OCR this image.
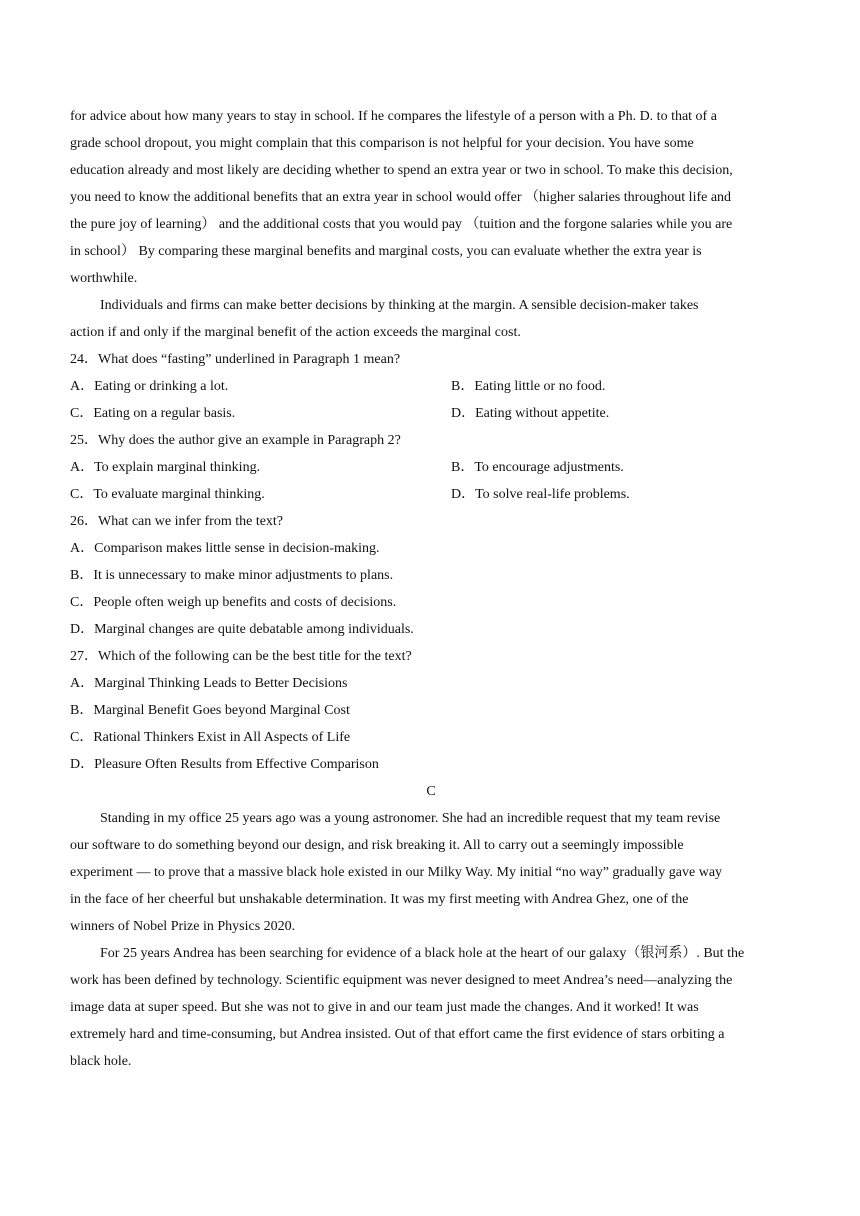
for advice about how many years to stay in school. If he compares the lifestyle of a person with a Ph. D. to that of a
grade school dropout, you might complain that this comparison is not helpful for your decision. You have some
education already and most likely are deciding whether to spend an extra year or two in school. To make this decision,
you need to know the additional benefits that an extra year in school would offer （higher salaries throughout life and
the pure joy of learning） and the additional costs that you would pay （tuition and the forgone salaries while you are
in school） By comparing these marginal benefits and marginal costs, you can evaluate whether the extra year is
worthwhile.
Individuals and firms can make better decisions by thinking at the margin. A sensible decision-maker takes
action if and only if the marginal benefit of the action exceeds the marginal cost.
24．What does “fasting” underlined in Paragraph 1 mean?
A．Eating or drinking a lot.	B．Eating little or no food.
C．Eating on a regular basis.	D．Eating without appetite.
25．Why does the author give an example in Paragraph 2?
A．To explain marginal thinking.	B．To encourage adjustments.
C．To evaluate marginal thinking.	D．To solve real-life problems.
26．What can we infer from the text?
A．Comparison makes little sense in decision-making.
B．It is unnecessary to make minor adjustments to plans.
C．People often weigh up benefits and costs of decisions.
D．Marginal changes are quite debatable among individuals.
27．Which of the following can be the best title for the text?
A．Marginal Thinking Leads to Better Decisions
B．Marginal Benefit Goes beyond Marginal Cost
C．Rational Thinkers Exist in All Aspects of Life
D．Pleasure Often Results from Effective Comparison
C
Standing in my office 25 years ago was a young astronomer. She had an incredible request that my team revise
our software to do something beyond our design, and risk breaking it. All to carry out a seemingly impossible
experiment — to prove that a massive black hole existed in our Milky Way. My initial “no way” gradually gave way
in the face of her cheerful but unshakable determination. It was my first meeting with Andrea Ghez, one of the
winners of Nobel Prize in Physics 2020.
For 25 years Andrea has been searching for evidence of a black hole at the heart of our galaxy（银河系）. But the
work has been defined by technology. Scientific equipment was never designed to meet Andrea’s need—analyzing the
image data at super speed. But she was not to give in and our team just made the changes. And it worked! It was
extremely hard and time-consuming, but Andrea insisted. Out of that effort came the first evidence of stars orbiting a
black hole.
